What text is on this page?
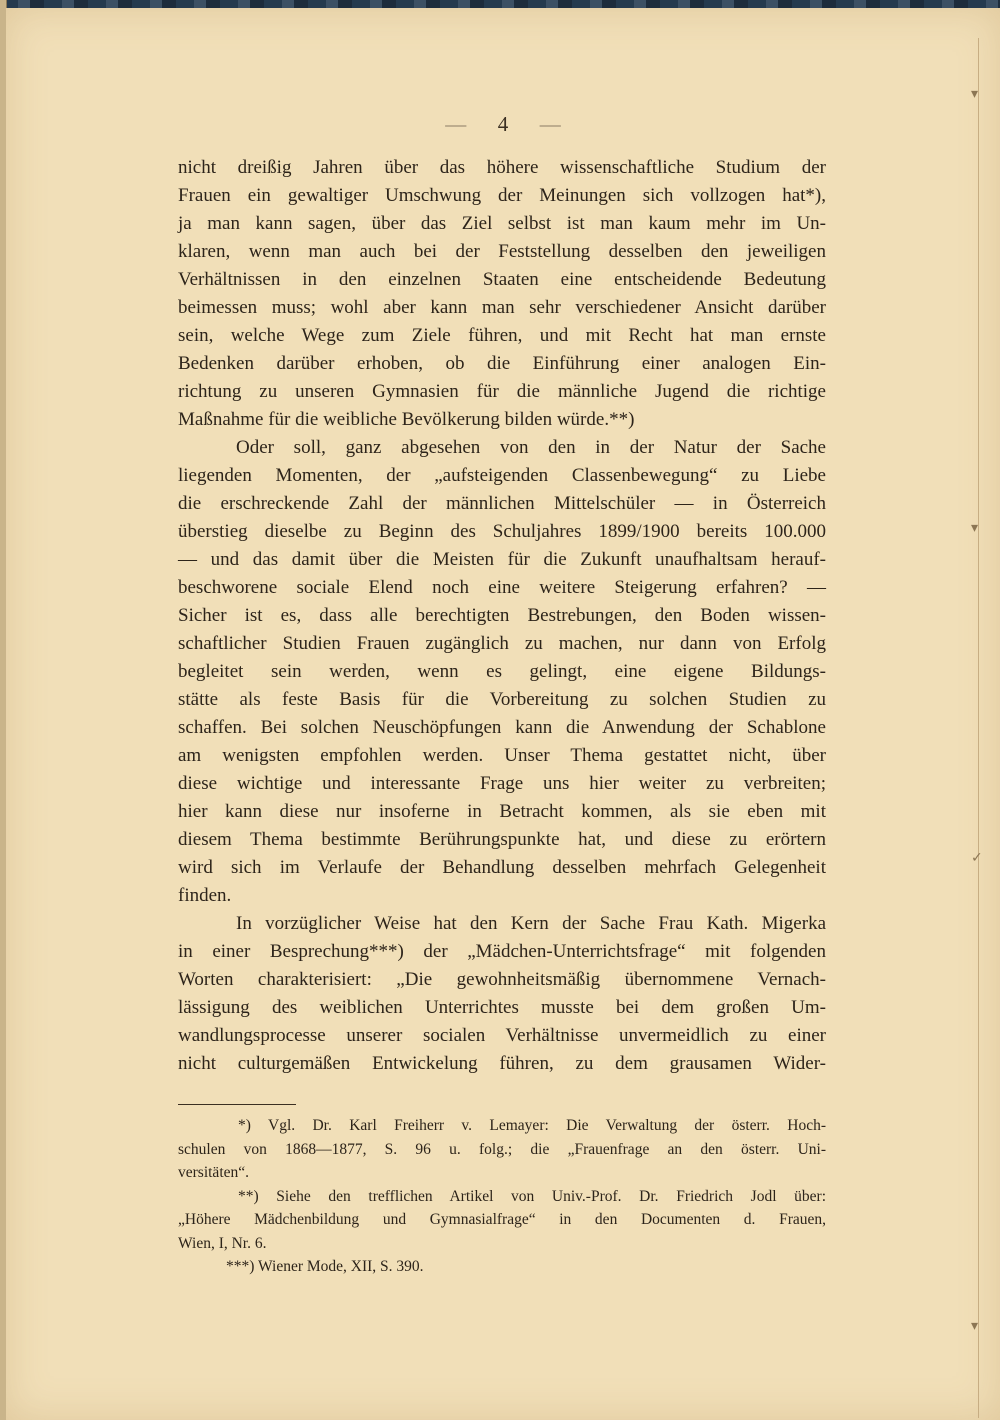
▾
▾
✓
▾
— 4 —
nicht dreißig Jahren über das höhere wissenschaftliche Studium der
Frauen ein gewaltiger Umschwung der Meinungen sich vollzogen hat*),
ja man kann sagen, über das Ziel selbst ist man kaum mehr im Un-
klaren, wenn man auch bei der Feststellung desselben den jeweiligen
Verhältnissen in den einzelnen Staaten eine entscheidende Bedeutung
beimessen muss; wohl aber kann man sehr verschiedener Ansicht darüber
sein, welche Wege zum Ziele führen, und mit Recht hat man ernste
Bedenken darüber erhoben, ob die Einführung einer analogen Ein-
richtung zu unseren Gymnasien für die männliche Jugend die richtige
Maßnahme für die weibliche Bevölkerung bilden würde.**)
Oder soll, ganz abgesehen von den in der Natur der Sache
liegenden Momenten, der „aufsteigenden Classenbewegung“ zu Liebe
die erschreckende Zahl der männlichen Mittelschüler — in Österreich
überstieg dieselbe zu Beginn des Schuljahres 1899/1900 bereits 100.000
— und das damit über die Meisten für die Zukunft unaufhaltsam herauf-
beschworene sociale Elend noch eine weitere Steigerung erfahren? —
Sicher ist es, dass alle berechtigten Bestrebungen, den Boden wissen-
schaftlicher Studien Frauen zugänglich zu machen, nur dann von Erfolg
begleitet sein werden, wenn es gelingt, eine eigene Bildungs-
stätte als feste Basis für die Vorbereitung zu solchen Studien zu
schaffen. Bei solchen Neuschöpfungen kann die Anwendung der Schablone
am wenigsten empfohlen werden. Unser Thema gestattet nicht, über
diese wichtige und interessante Frage uns hier weiter zu verbreiten;
hier kann diese nur insoferne in Betracht kommen, als sie eben mit
diesem Thema bestimmte Berührungspunkte hat, und diese zu erörtern
wird sich im Verlaufe der Behandlung desselben mehrfach Gelegenheit
finden.
In vorzüglicher Weise hat den Kern der Sache Frau Kath. Migerka
in einer Besprechung***) der „Mädchen-Unterrichtsfrage“ mit folgenden
Worten charakterisiert: „Die gewohnheitsmäßig übernommene Vernach-
lässigung des weiblichen Unterrichtes musste bei dem großen Um-
wandlungsprocesse unserer socialen Verhältnisse unvermeidlich zu einer
nicht culturgemäßen Entwickelung führen, zu dem grausamen Wider-
*) Vgl. Dr. Karl Freiherr v. Lemayer: Die Verwaltung der österr. Hoch-
schulen von 1868—1877, S. 96 u. folg.; die „Frauenfrage an den österr. Uni-
versitäten“.
**) Siehe den trefflichen Artikel von Univ.-Prof. Dr. Friedrich Jodl über:
„Höhere Mädchenbildung und Gymnasialfrage“ in den Documenten d. Frauen,
Wien, I, Nr. 6.
***) Wiener Mode, XII, S. 390.
